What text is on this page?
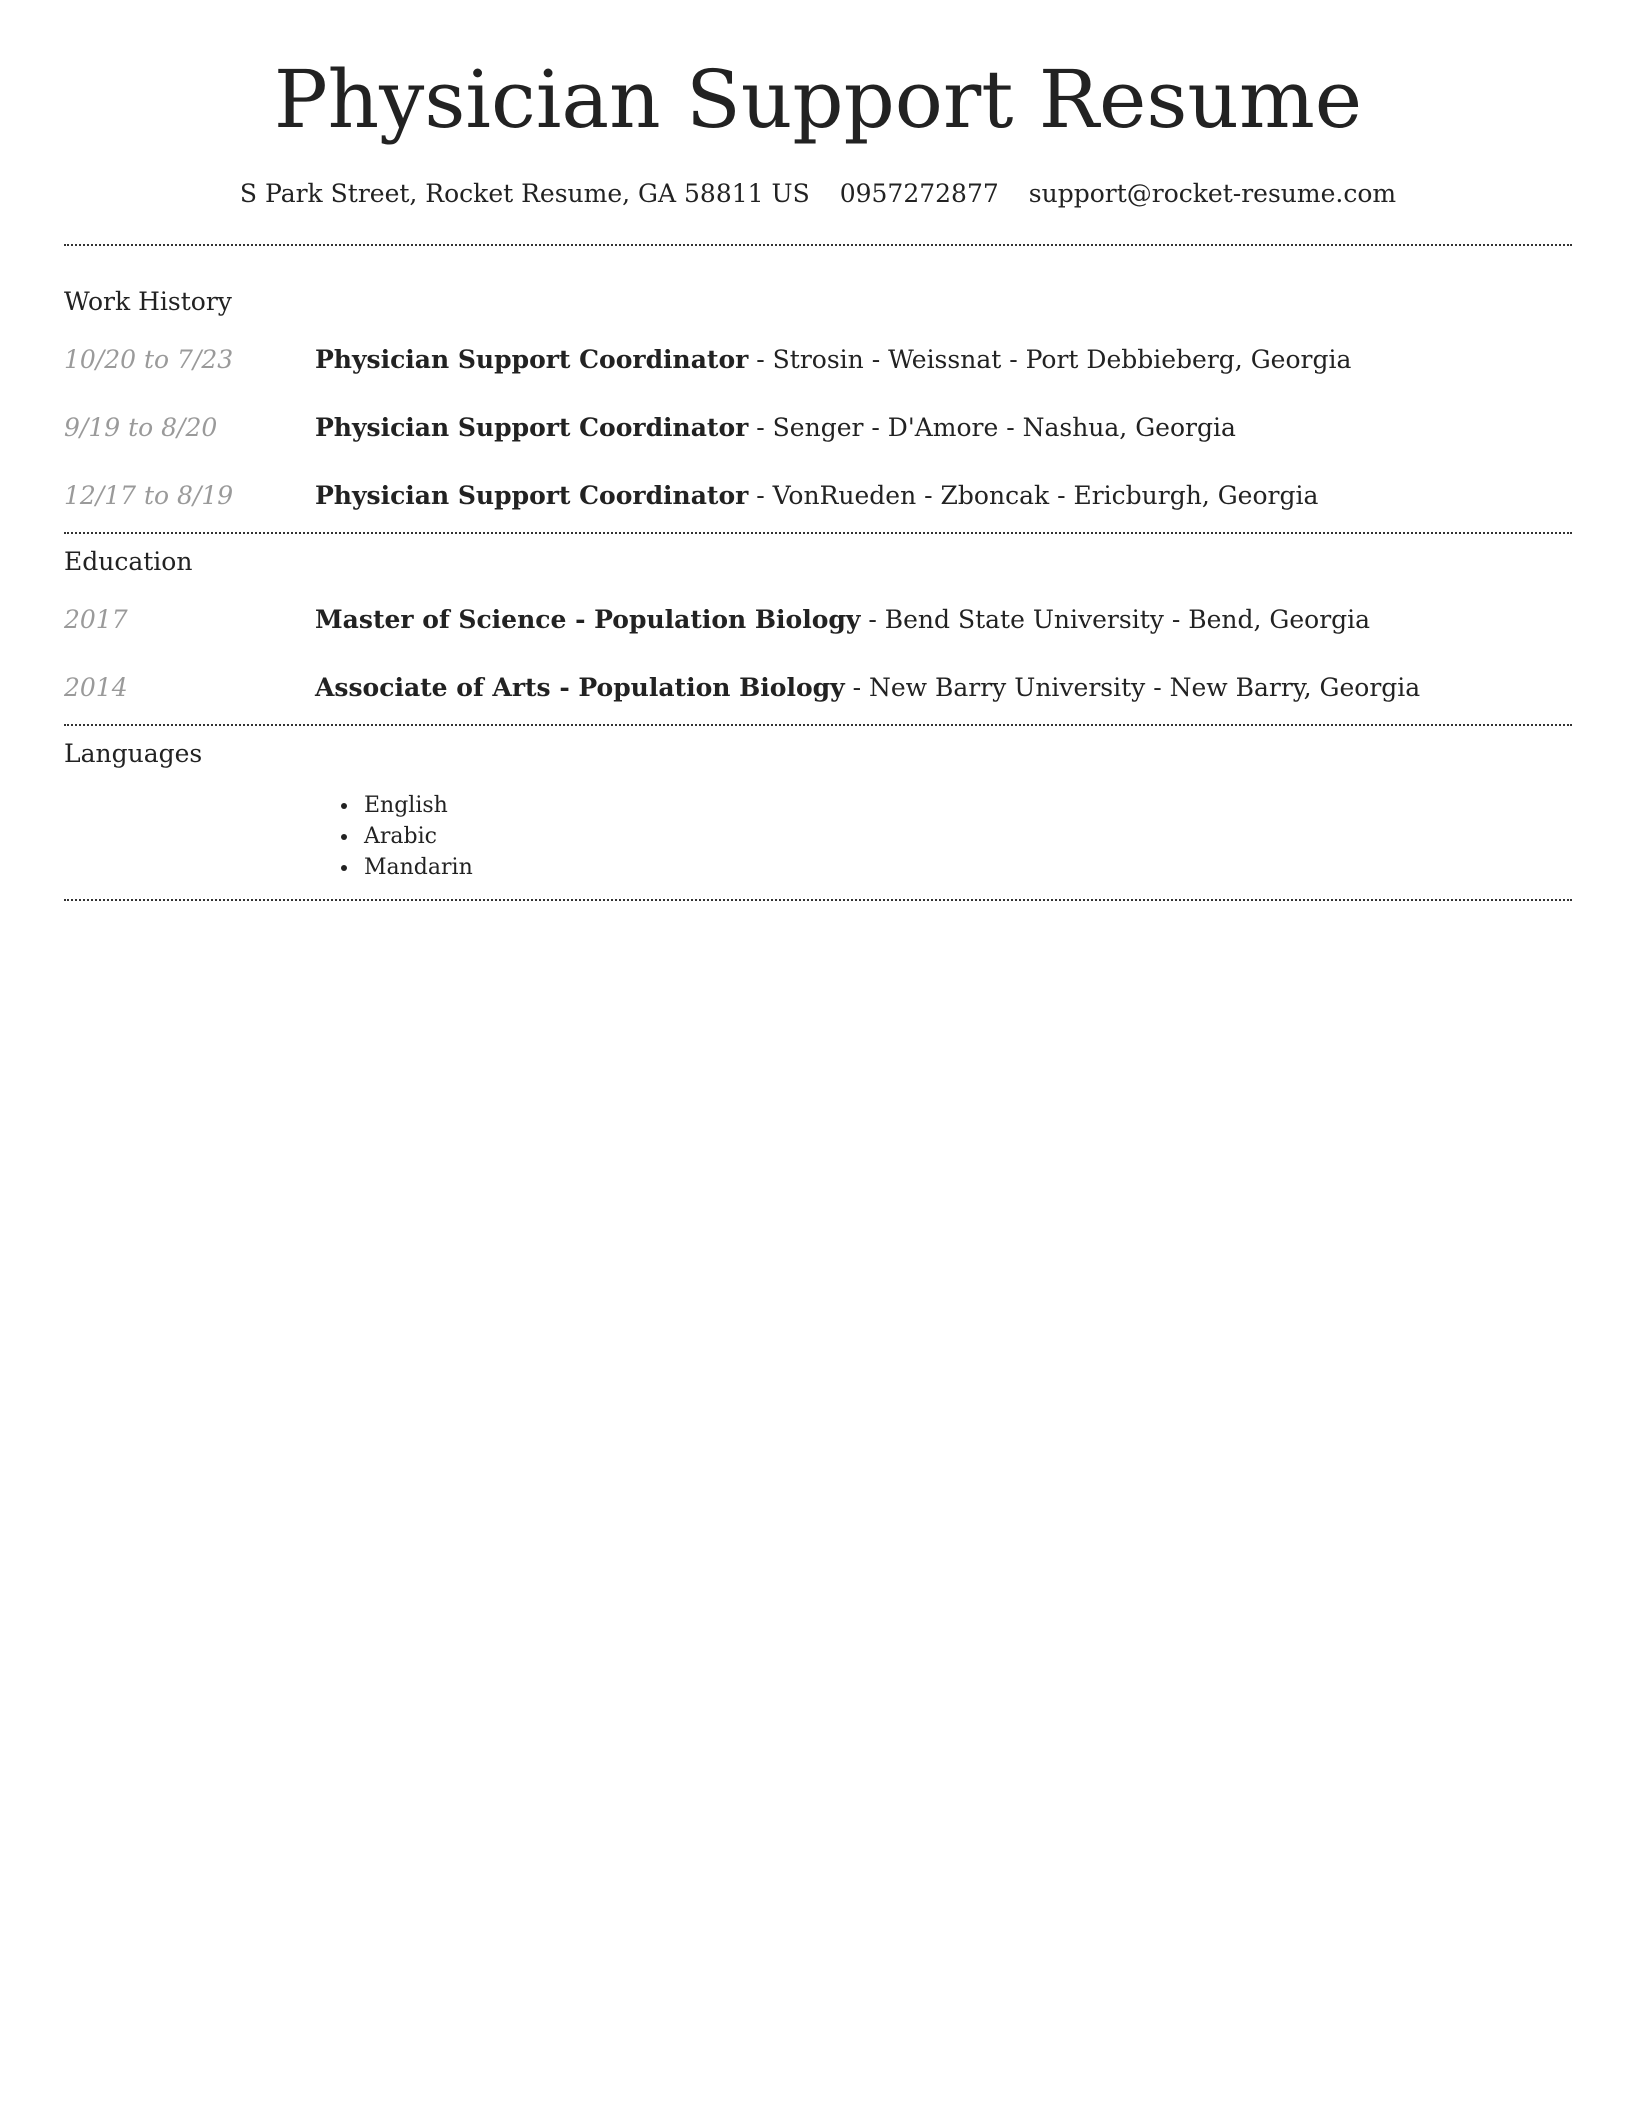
Physician Support Resume
S Park Street, Rocket Resume, GA 58811 US 0957272877 support@rocket-resume.com
Work History
10/20 to 7/23	Physician Support Coordinator - Strosin - Weissnat - Port Debbieberg, Georgia
9/19 to 8/20	Physician Support Coordinator - Senger - D'Amore - Nashua, Georgia
12/17 to 8/19	Physician Support Coordinator - VonRueden - Zboncak - Ericburgh, Georgia
Education
2017	Master of Science - Population Biology - Bend State University - Bend, Georgia
2014	Associate of Arts - Population Biology - New Barry University - New Barry, Georgia
Languages
• English
• Arabic
• Mandarin
